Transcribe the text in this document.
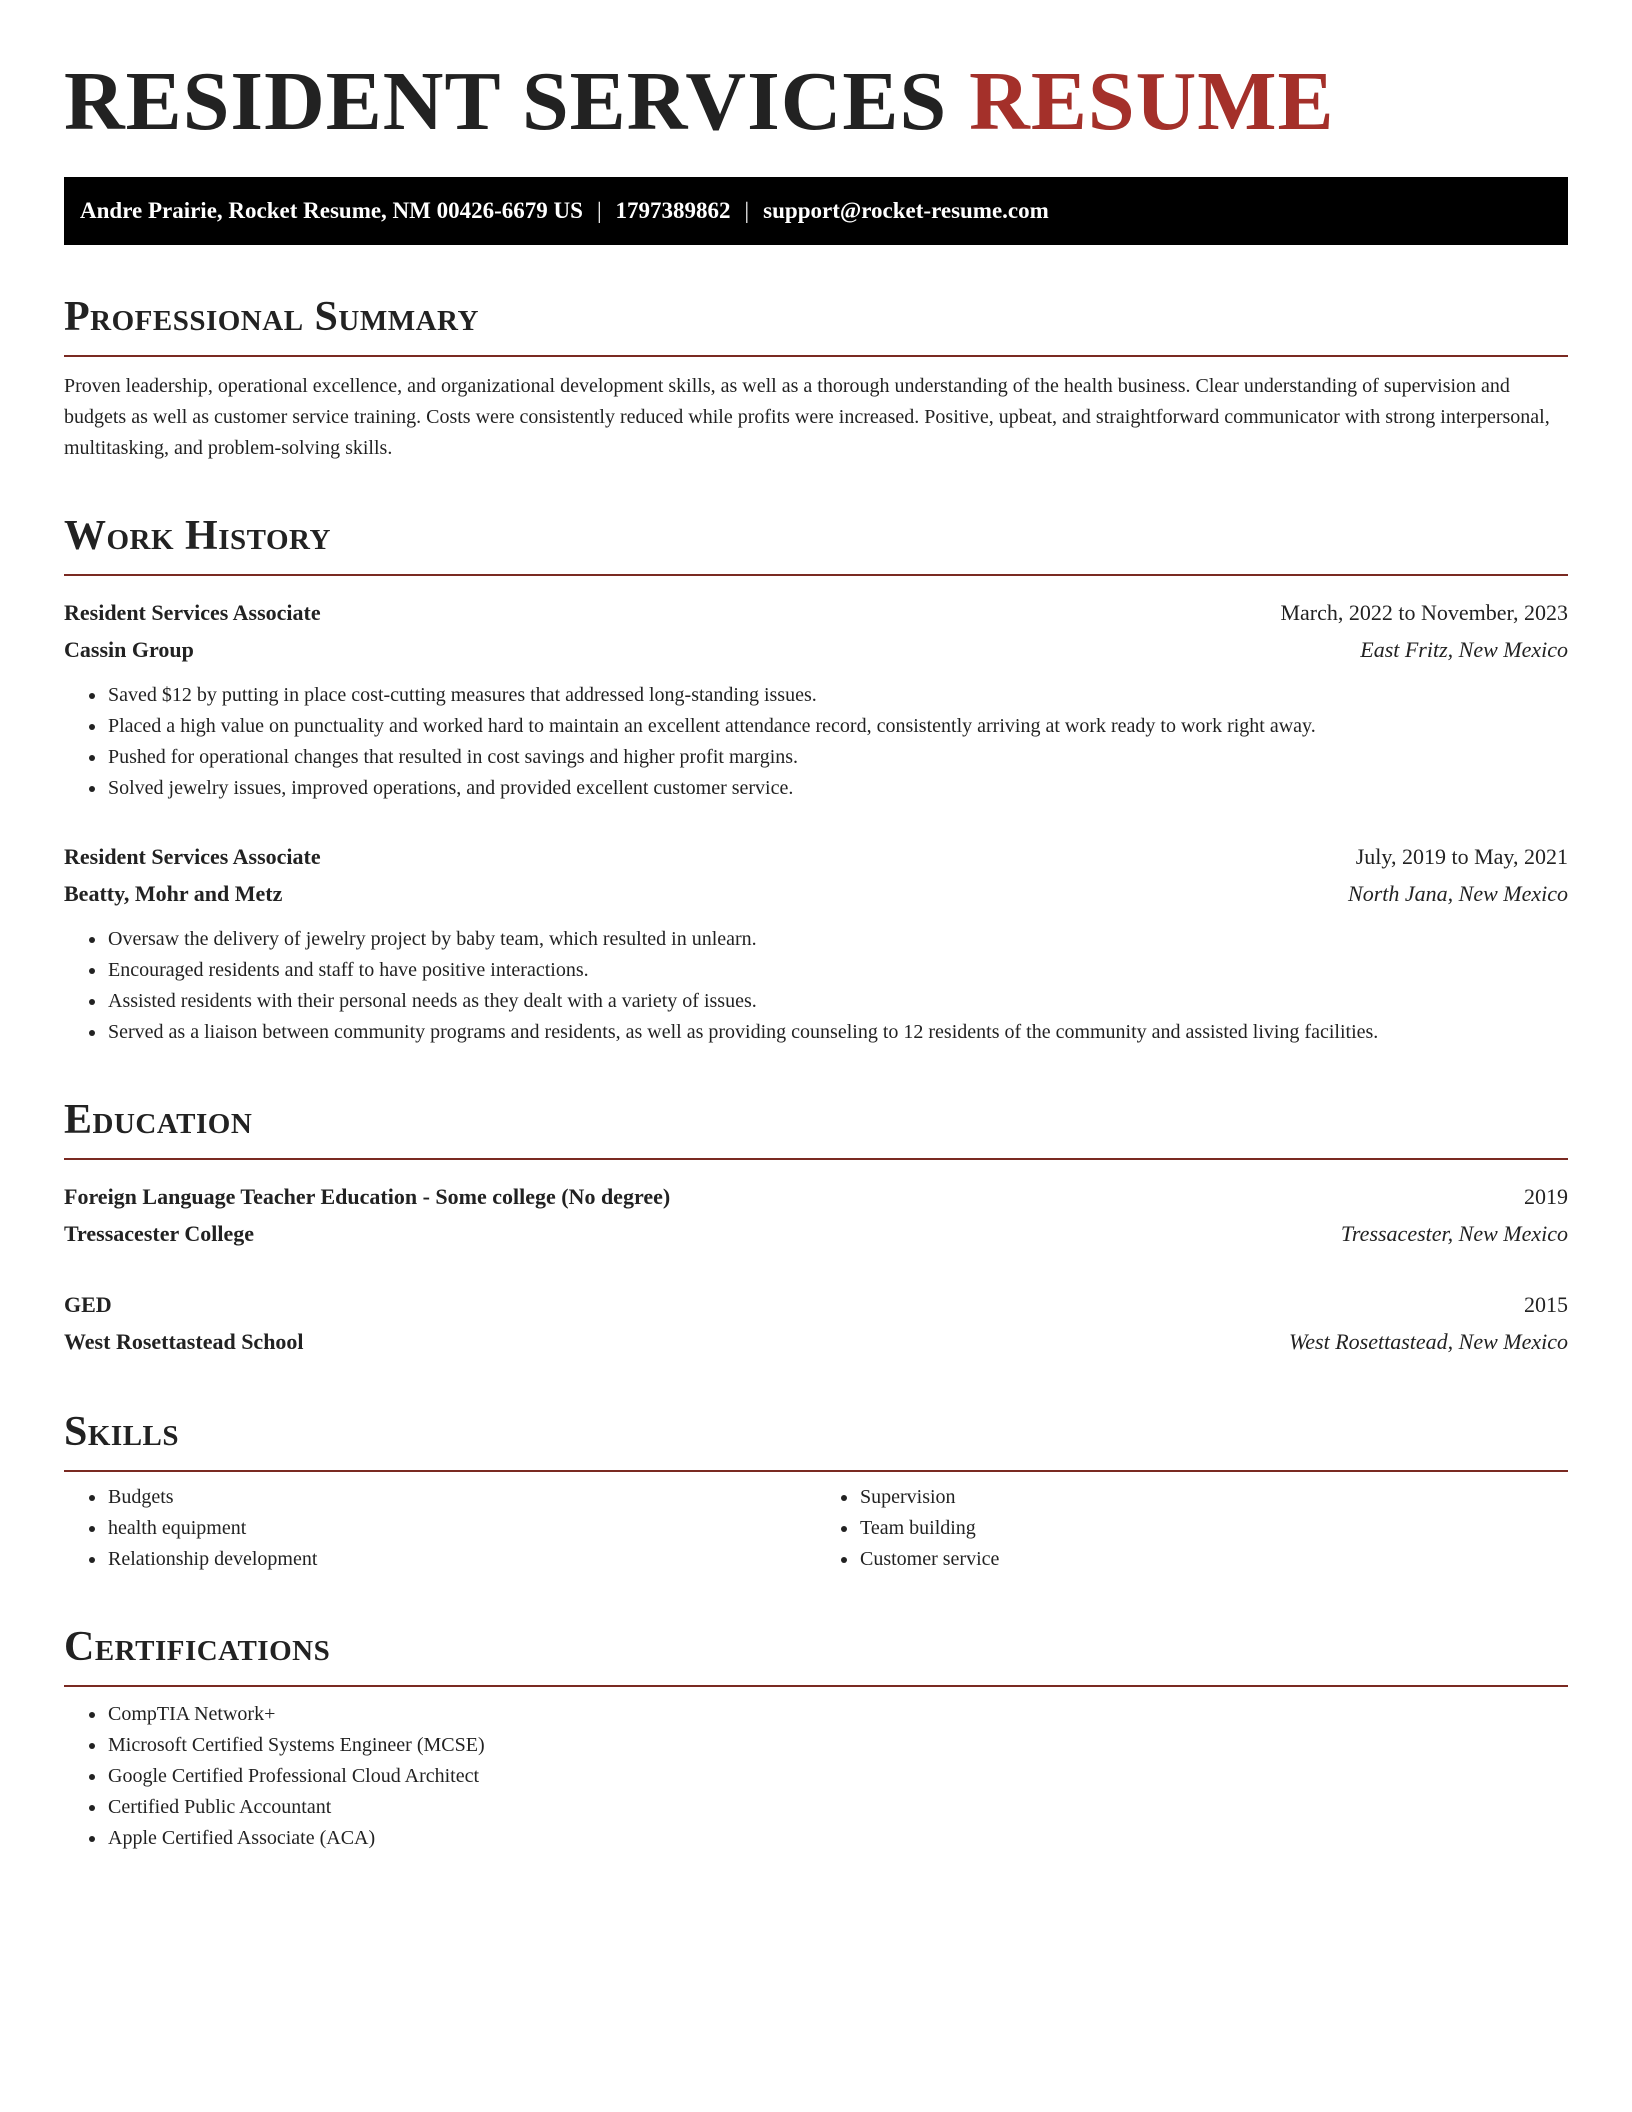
RESIDENT SERVICES RESUME
Andre Prairie, Rocket Resume, NM 00426-6679 US | 1797389862 | support@rocket-resume.com
Professional Summary

Proven leadership, operational excellence, and organizational development skills, as well as a thorough understanding of the health business. Clear understanding of supervision and budgets as well as customer service training. Costs were consistently reduced while profits were increased. Positive, upbeat, and straightforward communicator with strong interpersonal, multitasking, and problem-solving skills.

Work History
Resident Services Associate	March, 2022 to November, 2023
Cassin Group	East Fritz, New Mexico
• Saved $12 by putting in place cost-cutting measures that addressed long-standing issues.
• Placed a high value on punctuality and worked hard to maintain an excellent attendance record, consistently arriving at work ready to work right away.
• Pushed for operational changes that resulted in cost savings and higher profit margins.
• Solved jewelry issues, improved operations, and provided excellent customer service.
Resident Services Associate	July, 2019 to May, 2021
Beatty, Mohr and Metz	North Jana, New Mexico
• Oversaw the delivery of jewelry project by baby team, which resulted in unlearn.
• Encouraged residents and staff to have positive interactions.
• Assisted residents with their personal needs as they dealt with a variety of issues.
• Served as a liaison between community programs and residents, as well as providing counseling to 12 residents of the community and assisted living facilities.
Education
Foreign Language Teacher Education - Some college (No degree)	2019
Tressacester College	Tressacester, New Mexico
GED	2015
West Rosettastead School	West Rosettastead, New Mexico
Skills
• Budgets
• health equipment
• Relationship development
• Supervision
• Team building
• Customer service
Certifications
• CompTIA Network+
• Microsoft Certified Systems Engineer (MCSE)
• Google Certified Professional Cloud Architect
• Certified Public Accountant
• Apple Certified Associate (ACA)
